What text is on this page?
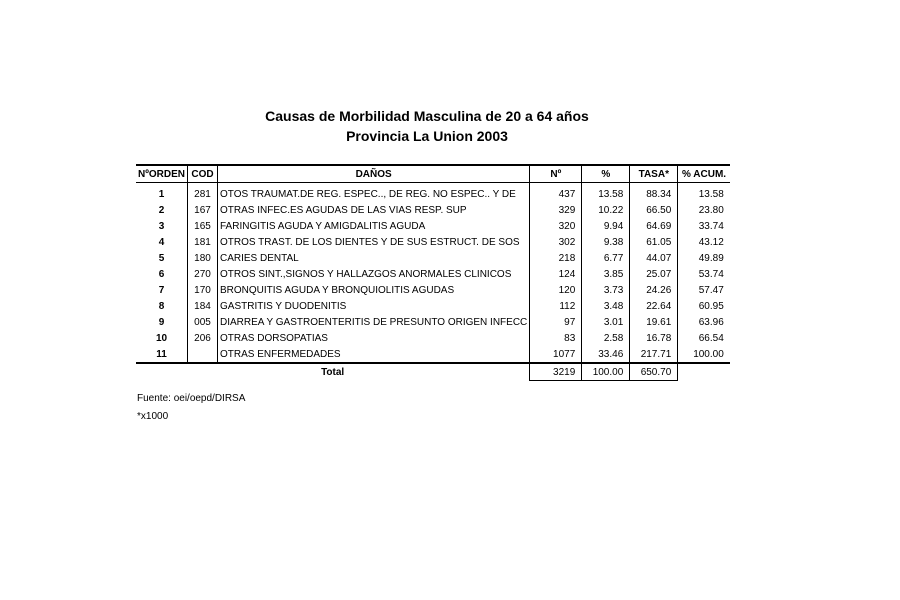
Causas de Morbilidad Masculina de 20 a 64 años
Provincia La Union 2003
NºORDEN	COD	DAÑOS	Nº	%	TASA*	% ACUM.
1	281	OTOS TRAUMAT.DE REG. ESPEC.., DE REG. NO ESPEC.. Y DE	437	13.58	88.34	13.58
2	167	OTRAS INFEC.ES AGUDAS DE LAS VIAS RESP. SUP	329	10.22	66.50	23.80
3	165	FARINGITIS AGUDA Y AMIGDALITIS AGUDA	320	9.94	64.69	33.74
4	181	OTROS TRAST. DE LOS DIENTES Y DE SUS ESTRUCT. DE SOS	302	9.38	61.05	43.12
5	180	CARIES DENTAL	218	6.77	44.07	49.89
6	270	OTROS SINT.,SIGNOS Y HALLAZGOS ANORMALES CLINICOS	124	3.85	25.07	53.74
7	170	BRONQUITIS AGUDA Y BRONQUIOLITIS AGUDAS	120	3.73	24.26	57.47
8	184	GASTRITIS Y DUODENITIS	112	3.48	22.64	60.95
9	005	DIARREA Y GASTROENTERITIS DE PRESUNTO ORIGEN INFECC	97	3.01	19.61	63.96
10	206	OTRAS DORSOPATIAS	83	2.58	16.78	66.54
11		OTRAS ENFERMEDADES	1077	33.46	217.71	100.00
Total			3219	100.00	650.70	
Fuente: oei/oepd/DIRSA
*x1000
